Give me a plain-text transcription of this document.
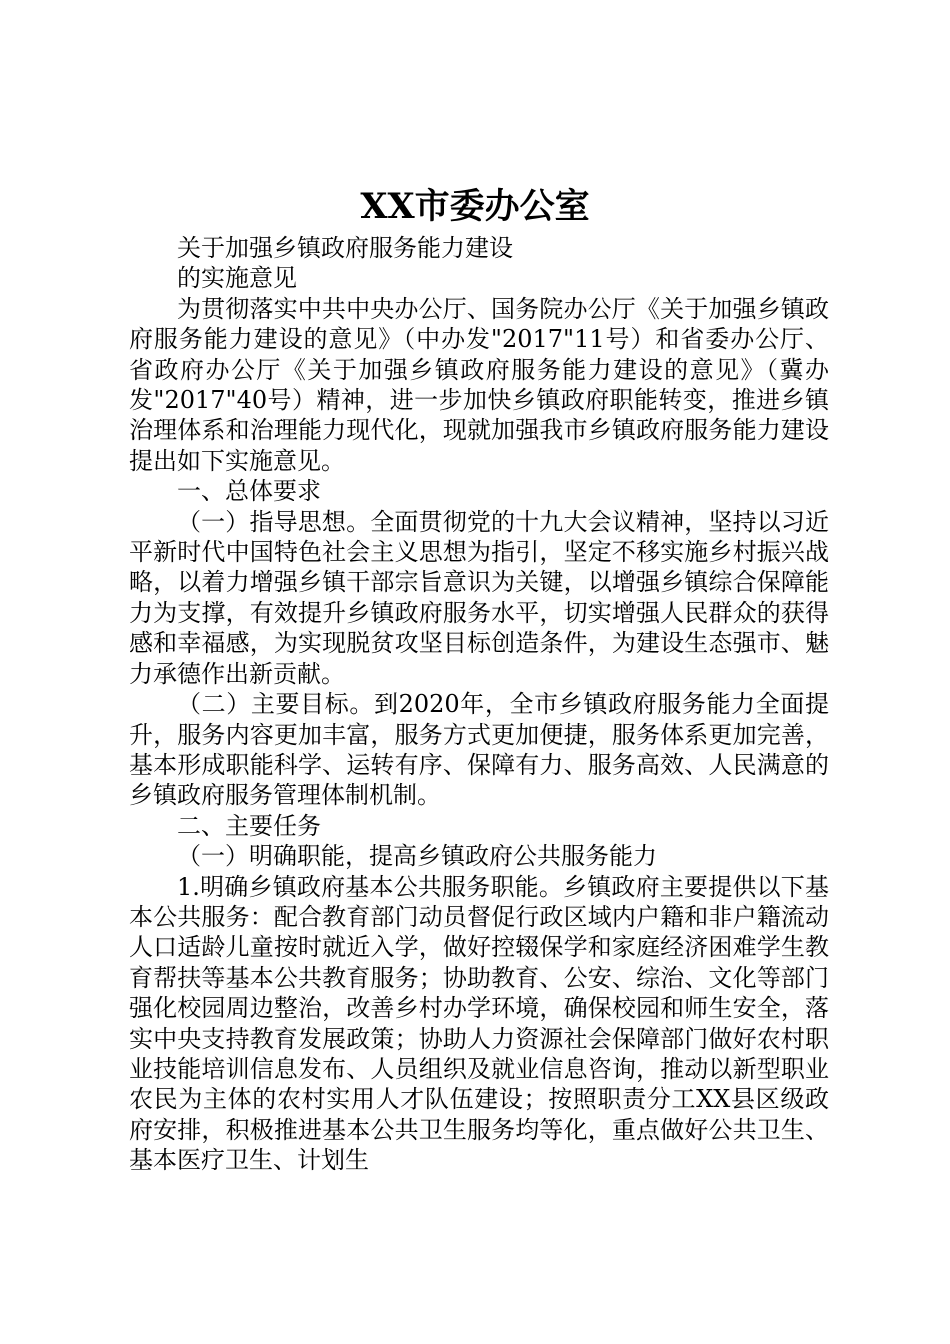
XX市委办公室

关于加强乡镇政府服务能力建设

的实施意见

为贯彻落实中共中央办公厅、国务院办公厅《关于加强乡镇政府服务能力建设的意见》（中办发"2017"11号）和省委办公厅、省政府办公厅《关于加强乡镇政府服务能力建设的意见》（冀办发"2017"40号）精神，进一步加快乡镇政府职能转变，推进乡镇治理体系和治理能力现代化，现就加强我市乡镇政府服务能力建设提出如下实施意见。

一、总体要求

（一）指导思想。全面贯彻党的十九大会议精神，坚持以习近平新时代中国特色社会主义思想为指引，坚定不移实施乡村振兴战略，以着力增强乡镇干部宗旨意识为关键，以增强乡镇综合保障能力为支撑，有效提升乡镇政府服务水平，切实增强人民群众的获得感和幸福感，为实现脱贫攻坚目标创造条件，为建设生态强市、魅力承德作出新贡献。

（二）主要目标。到2020年，全市乡镇政府服务能力全面提升，服务内容更加丰富，服务方式更加便捷，服务体系更加完善，基本形成职能科学、运转有序、保障有力、服务高效、人民满意的乡镇政府服务管理体制机制。

二、主要任务

（一）明确职能，提高乡镇政府公共服务能力

1.明确乡镇政府基本公共服务职能。乡镇政府主要提供以下基本公共服务：配合教育部门动员督促行政区域内户籍和非户籍流动人口适龄儿童按时就近入学，做好控辍保学和家庭经济困难学生教育帮扶等基本公共教育服务；协助教育、公安、综治、文化等部门强化校园周边整治，改善乡村办学环境，确保校园和师生安全，落实中央支持教育发展政策；协助人力资源社会保障部门做好农村职业技能培训信息发布、人员组织及就业信息咨询，推动以新型职业农民为主体的农村实用人才队伍建设；按照职责分工XX县区级政府安排，积极推进基本公共卫生服务均等化，重点做好公共卫生、基本医疗卫生、计划生
